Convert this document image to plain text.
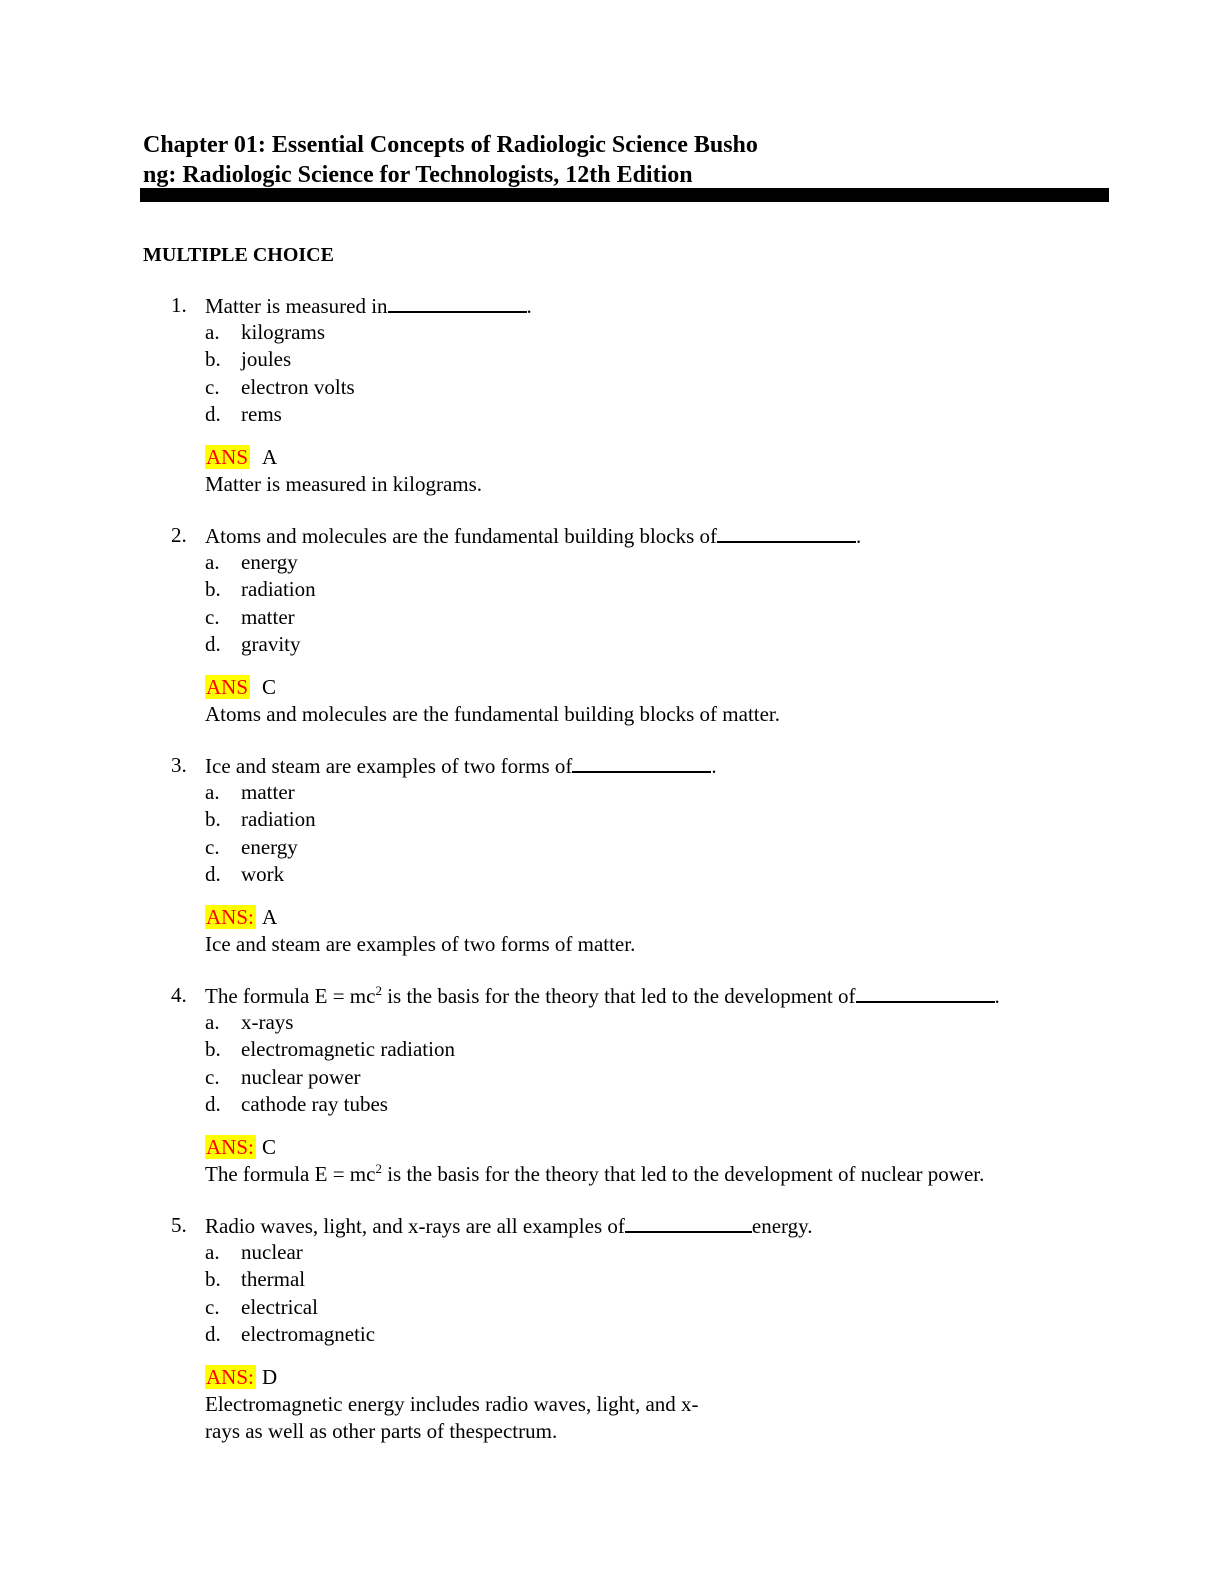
Chapter 01: Essential Concepts of Radiologic Science Busho
ng: Radiologic Science for Technologists, 12th Edition
MULTIPLE CHOICE
1. Matter is measured in	.
a. kilograms
b. joules
c. electron volts
d. rems
ANS A
Matter is measured in kilograms.
2. Atoms and molecules are the fundamental building blocks of	.
a. energy
b. radiation
c. matter
d. gravity
ANS C
Atoms and molecules are the fundamental building blocks of matter.
3. Ice and steam are examples of two forms of	.
a. matter
b. radiation
c. energy
d. work
ANS: A
Ice and steam are examples of two forms of matter.
4. The formula $E = mc^2$ is the basis for the theory that led to the development of	.
a. x-rays
b. electromagnetic radiation
c. nuclear power
d. cathode ray tubes
ANS: C
The formula $E = mc^2$ is the basis for the theory that led to the development of nuclear power.
5. Radio waves, light, and x-rays are all examples of	energy.
a. nuclear
b. thermal
c. electrical
d. electromagnetic
ANS: D
Electromagnetic energy includes radio waves, light, and x-
rays as well as other parts of thespectrum.
